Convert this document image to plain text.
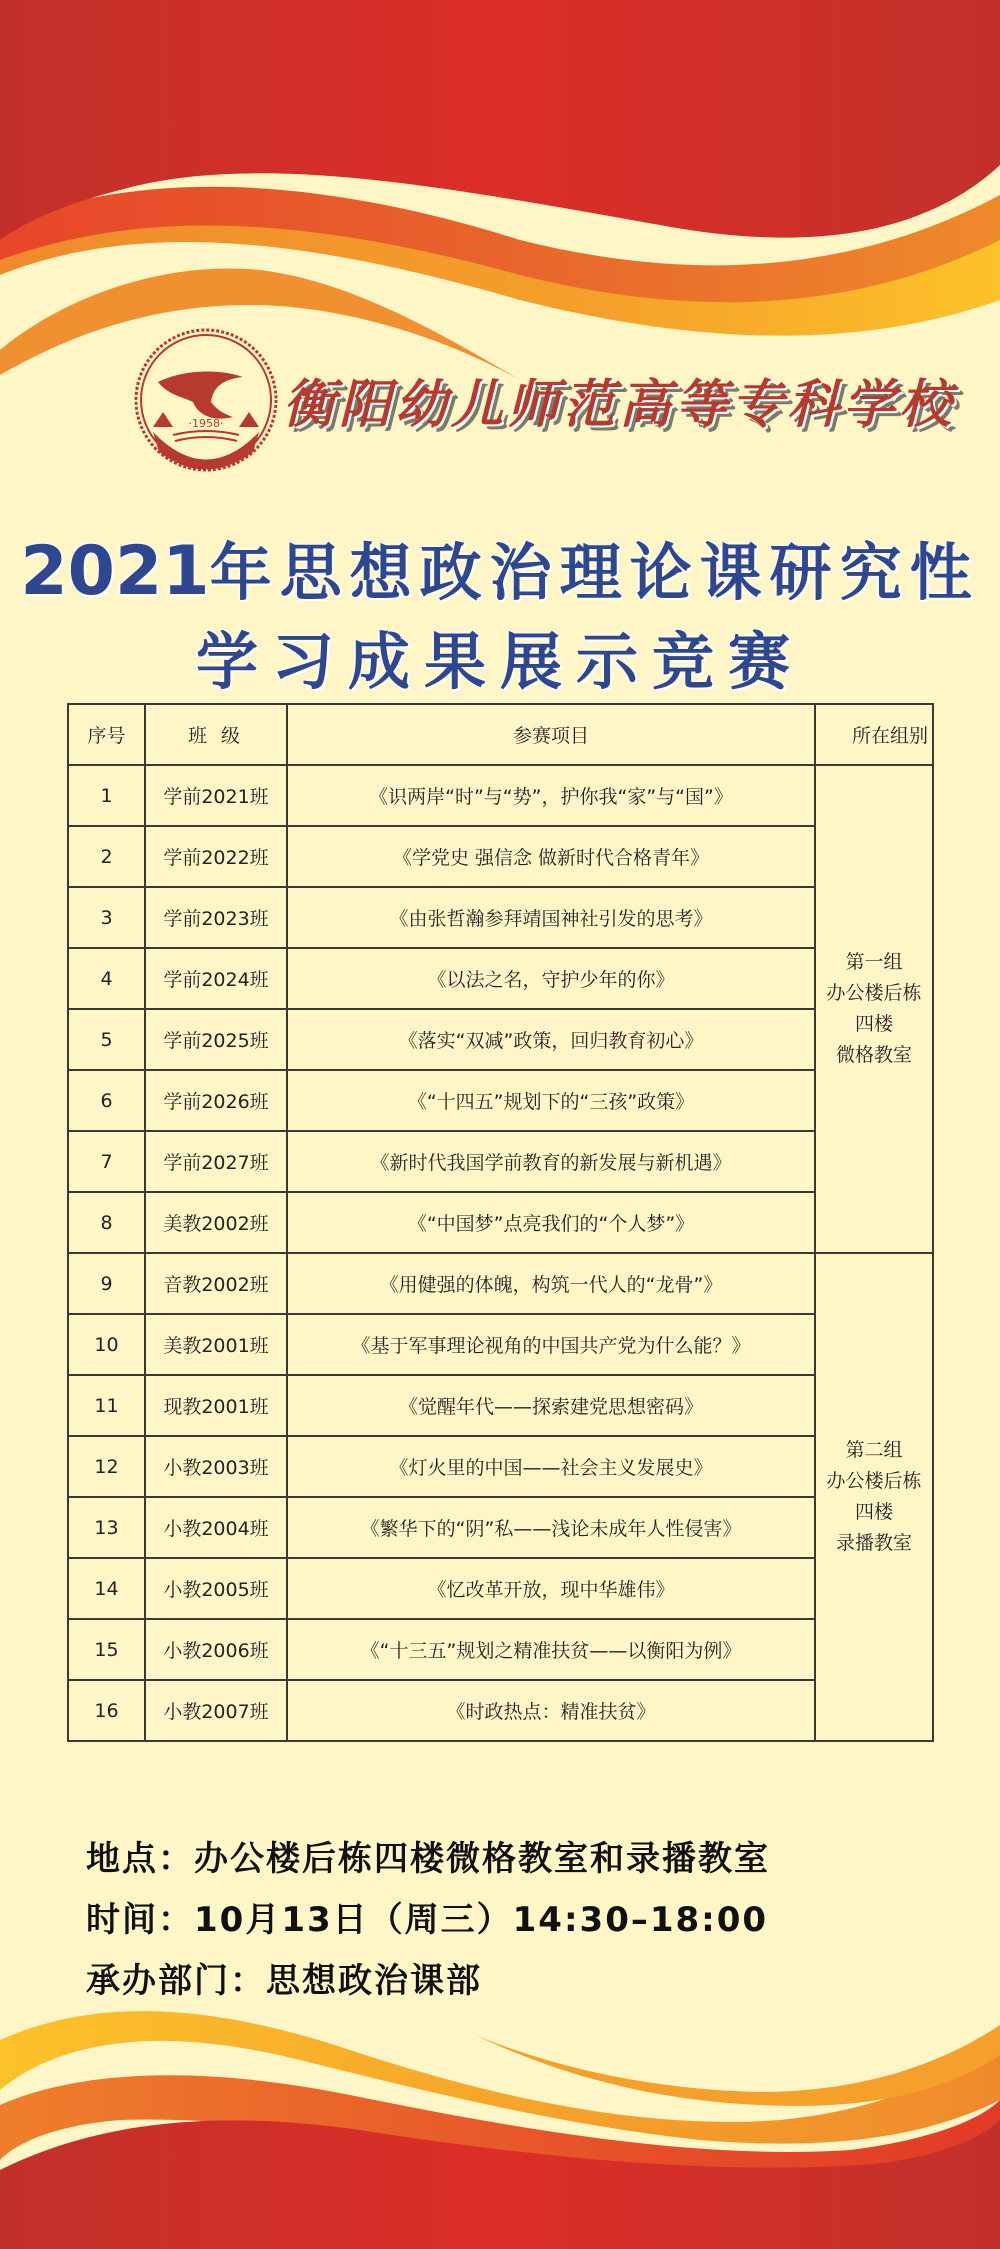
·1958· 衡阳幼儿师范高等专科学校
2021年思想政治理论课研究性
学习成果展示竞赛
序号	班级	参赛项目	所在组别
1	学前2021班	《识两岸“时”与“势”，护你我“家”与“国”》	第一组
办公楼后栋
四楼
微格教室

2	学前2022班	《学党史 强信念 做新时代合格青年》	
3	学前2023班	《由张哲瀚参拜靖国神社引发的思考》	
4	学前2024班	《以法之名，守护少年的你》	
5	学前2025班	《落实“双减”政策，回归教育初心》	
6	学前2026班	《“十四五”规划下的“三孩”政策》	
7	学前2027班	《新时代我国学前教育的新发展与新机遇》	
8	美教2002班	《“中国梦”点亮我们的“个人梦”》	
9	音教2002班	《用健强的体魄，构筑一代人的“龙骨”》	第二组
办公楼后栋
四楼
录播教室

10	美教2001班	《基于军事理论视角的中国共产党为什么能？》	
11	现教2001班	《觉醒年代——探索建党思想密码》	
12	小教2003班	《灯火里的中国——社会主义发展史》	
13	小教2004班	《繁华下的“阴”私——浅论未成年人性侵害》	
14	小教2005班	《忆改革开放，现中华雄伟》	
15	小教2006班	《“十三五”规划之精准扶贫——以衡阳为例》	
16	小教2007班	《时政热点：精准扶贫》	
地点：办公楼后栋四楼微格教室和录播教室
时间：10月13日（周三）14:30–18:00
承办部门：思想政治课部
